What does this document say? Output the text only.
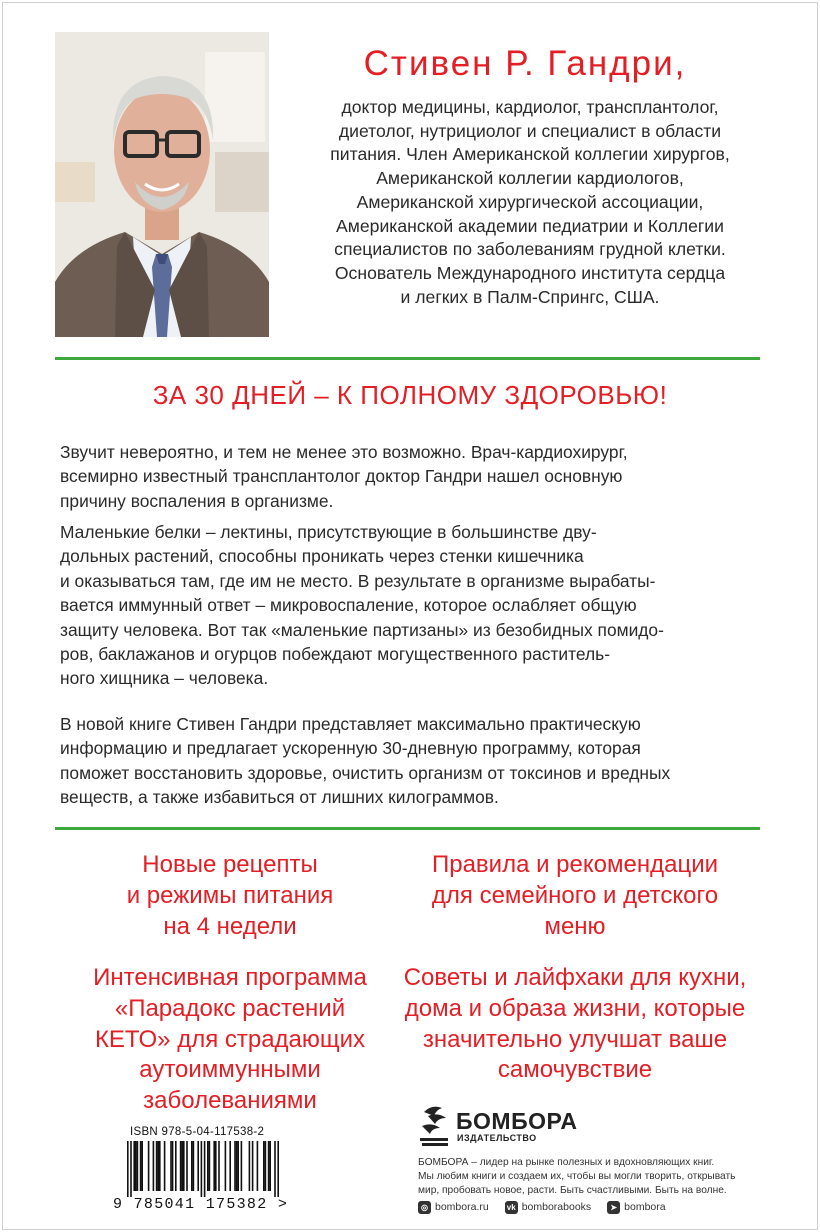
Стивен Р. Гандри,
доктор медицины, кардиолог, трансплантолог,
диетолог, нутрициолог и специалист в области
питания. Член Американской коллегии хирургов,
Американской коллегии кардиологов,
Американской хирургической ассоциации,
Американской академии педиатрии и Коллегии
специалистов по заболеваниям грудной клетки.
Основатель Международного института сердца
и легких в Палм-Спрингс, США.
ЗА 30 ДНЕЙ – К ПОЛНОМУ ЗДОРОВЬЮ!
Звучит невероятно, и тем не менее это возможно. Врач-кардиохирург,
всемирно известный трансплантолог доктор Гандри нашел основную
причину воспаления в организме.
Маленькие белки – лектины, присутствующие в большинстве дву-
дольных растений, способны проникать через стенки кишечника
и оказываться там, где им не место. В результате в организме вырабаты-
вается иммунный ответ – микровоспаление, которое ослабляет общую
защиту человека. Вот так «маленькие партизаны» из безобидных помидо-
ров, баклажанов и огурцов побеждают могущественного раститель-
ного хищника – человека.
В новой книге Стивен Гандри представляет максимально практическую
информацию и предлагает ускоренную 30-дневную программу, которая
поможет восстановить здоровье, очистить организм от токсинов и вредных
веществ, а также избавиться от лишних килограммов.
Новые рецепты
и режимы питания
на 4 недели
Правила и рекомендации
для семейного и детского
меню
Интенсивная программа
«Парадокс растений
КЕТО» для страдающих
аутоиммунными
заболеваниями
Советы и лайфхаки для кухни,
дома и образа жизни, которые
значительно улучшат ваше
самочувствие
ISBN 978-5-04-117538-2
9 785041 175382 >
БОМБОРА
ИЗДАТЕЛЬСТВО
БОМБОРА – лидер на рынке полезных и вдохновляющих книг.
Мы любим книги и создаем их, чтобы вы могли творить, открывать
мир, пробовать новое, расти. Быть счастливыми. Быть на волне.
◎ bombora.ru vk bomborabooks	➤ bombora
